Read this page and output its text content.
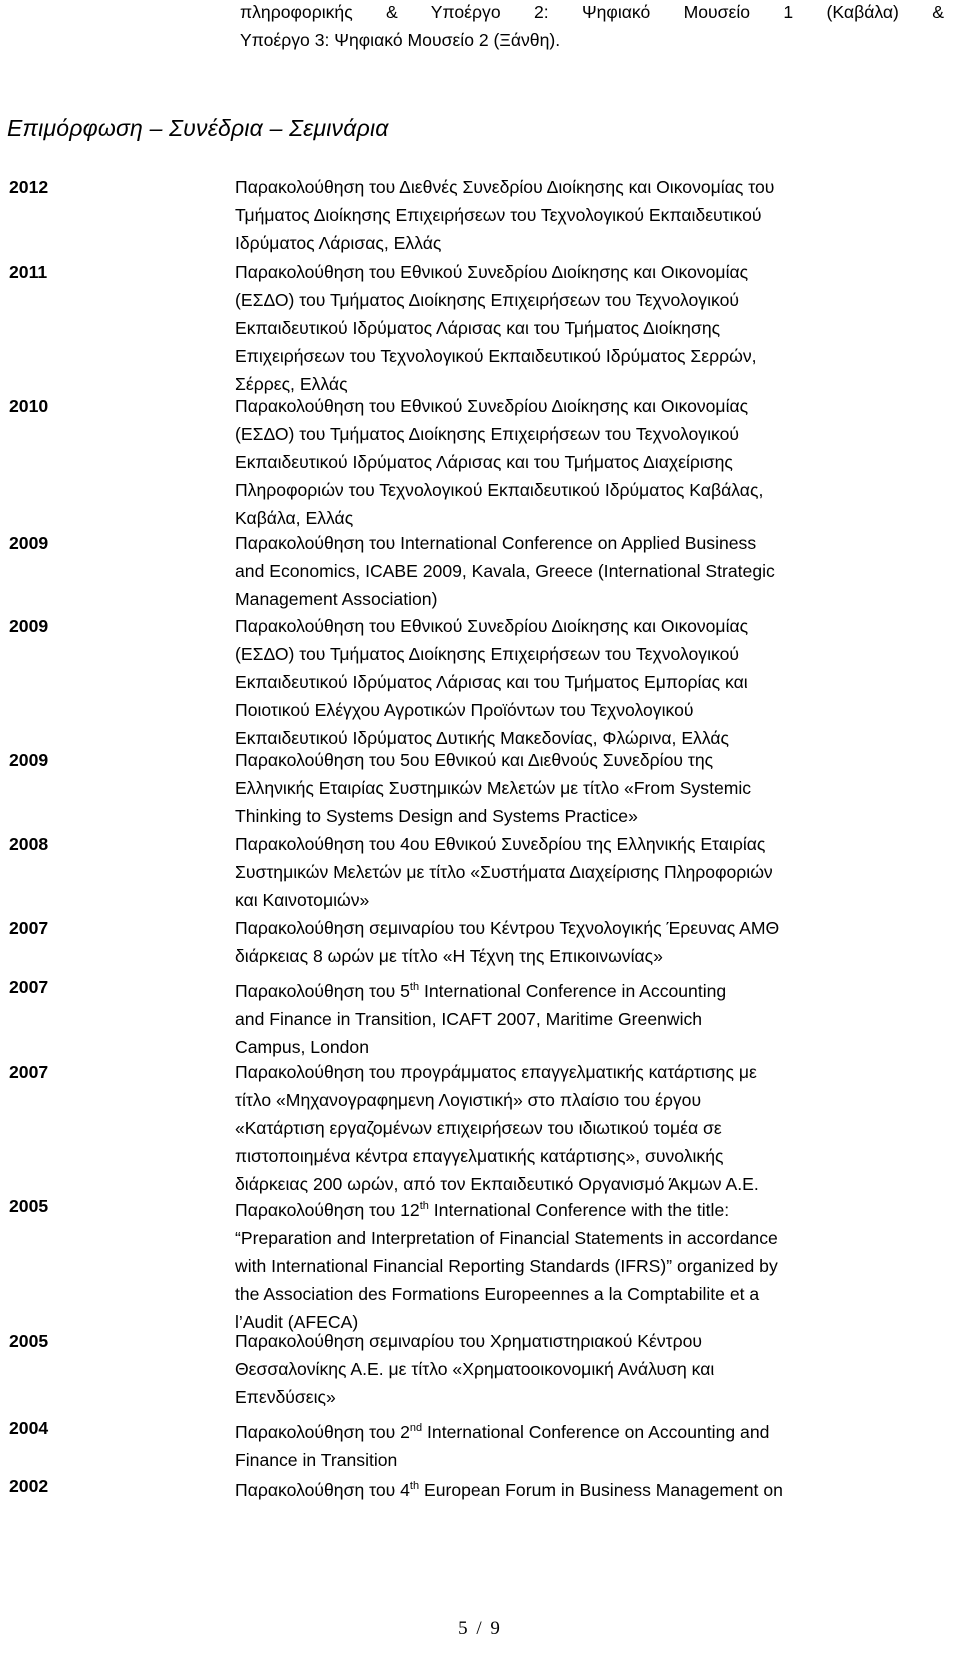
πληροφορικής & Υποέργο 2: Ψηφιακό Μουσείο 1 (Καβάλα) &

Υποέργο 3: Ψηφιακό Μουσείο 2 (Ξάνθη).

Επιμόρφωση – Συνέδρια – Σεμινάρια
2012	Παρακολούθηση του Διεθνές Συνεδρίου Διοίκησης και Οικονομίας του

Τμήματος Διοίκησης Επιχειρήσεων του Τεχνολογικού Εκπαιδευτικού

Ιδρύματος Λάρισας, Ελλάς

2011	Παρακολούθηση του Εθνικού Συνεδρίου Διοίκησης και Οικονομίας

(ΕΣΔΟ) του Τμήματος Διοίκησης Επιχειρήσεων του Τεχνολογικού

Εκπαιδευτικού Ιδρύματος Λάρισας και του Τμήματος Διοίκησης

Επιχειρήσεων του Τεχνολογικού Εκπαιδευτικού Ιδρύματος Σερρών,

Σέρρες, Ελλάς

2010	Παρακολούθηση του Εθνικού Συνεδρίου Διοίκησης και Οικονομίας

(ΕΣΔΟ) του Τμήματος Διοίκησης Επιχειρήσεων του Τεχνολογικού

Εκπαιδευτικού Ιδρύματος Λάρισας και του Τμήματος Διαχείρισης

Πληροφοριών του Τεχνολογικού Εκπαιδευτικού Ιδρύματος Καβάλας,

Καβάλα, Ελλάς

2009	Παρακολούθηση του International Conference on Applied Business

and Economics, ICABE 2009, Kavala, Greece (International Strategic

Management Association)

2009	Παρακολούθηση του Εθνικού Συνεδρίου Διοίκησης και Οικονομίας

(ΕΣΔΟ) του Τμήματος Διοίκησης Επιχειρήσεων του Τεχνολογικού

Εκπαιδευτικού Ιδρύματος Λάρισας και του Τμήματος Εμπορίας και

Ποιοτικού Ελέγχου Αγροτικών Προϊόντων του Τεχνολογικού

Εκπαιδευτικού Ιδρύματος Δυτικής Μακεδονίας, Φλώρινα, Ελλάς

2009	Παρακολούθηση του 5ου Εθνικού και Διεθνούς Συνεδρίου της

Ελληνικής Εταιρίας Συστημικών Μελετών με τίτλο «From Systemic

Thinking to Systems Design and Systems Practice»

2008	Παρακολούθηση του 4ου Εθνικού Συνεδρίου της Ελληνικής Εταιρίας

Συστημικών Μελετών με τίτλο «Συστήματα Διαχείρισης Πληροφοριών

και Καινοτομιών»

2007	Παρακολούθηση σεμιναρίου του Κέντρου Τεχνολογικής Έρευνας ΑΜΘ

διάρκειας 8 ωρών με τίτλο «Η Τέχνη της Επικοινωνίας»

2007	Παρακολούθηση του 5th International Conference in Accounting

and Finance in Transition, ICAFT 2007, Maritime Greenwich

Campus, London

2007	Παρακολούθηση του προγράμματος επαγγελματικής κατάρτισης με

τίτλο «Μηχανογραφημενη Λογιστική» στο πλαίσιο του έργου

«Κατάρτιση εργαζομένων επιχειρήσεων του ιδιωτικού τομέα σε

πιστοποιημένα κέντρα επαγγελματικής κατάρτισης», συνολικής

διάρκειας 200 ωρών, από τον Εκπαιδευτικό Οργανισμό Άκμων Α.Ε.

2005	Παρακολούθηση του 12th International Conference with the title:

“Preparation and Interpretation of Financial Statements in accordance

with International Financial Reporting Standards (IFRS)” organized by

the Association des Formations Europeennes a la Comptabilite et a

l’Audit (AFECA)

2005	Παρακολούθηση σεμιναρίου του Χρηματιστηριακού Κέντρου

Θεσσαλονίκης Α.Ε. με τίτλο «Χρηματοοικονομική Ανάλυση και

Επενδύσεις»

2004	Παρακολούθηση του 2nd International Conference on Accounting and

Finance in Transition

2002	Παρακολούθηση του 4th European Forum in Business Management on

5 / 9
